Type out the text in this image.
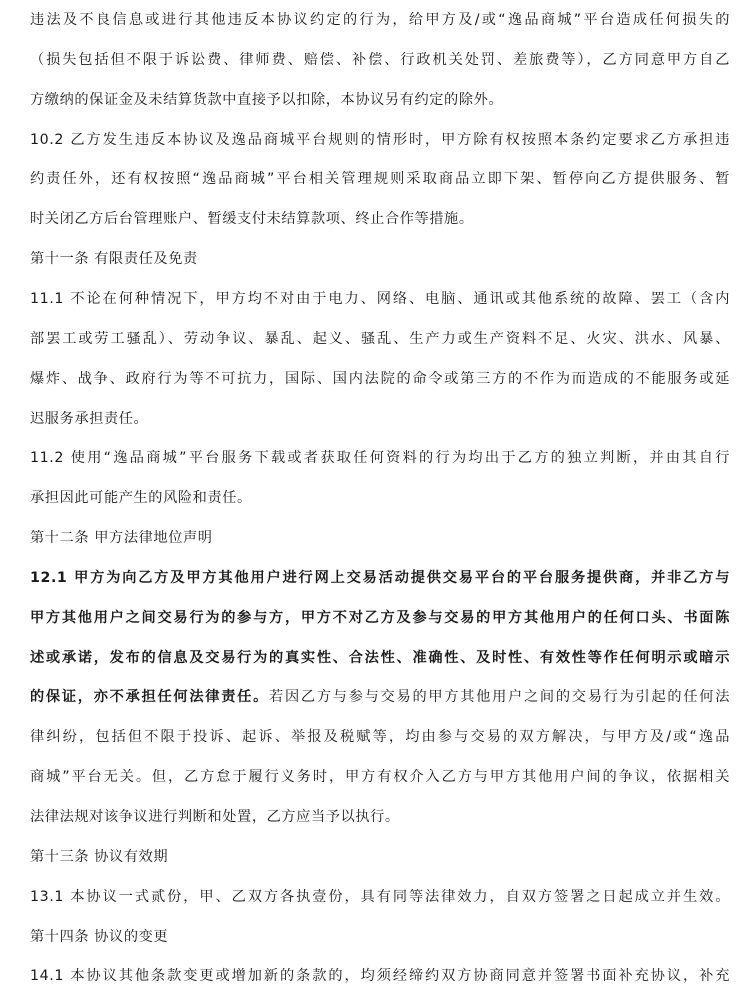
违法及不良信息或进行其他违反本协议约定的行为，给甲方及/或“逸品商城”平台造成任何损失的
（损失包括但不限于诉讼费、律师费、赔偿、补偿、行政机关处罚、差旅费等），乙方同意甲方自乙
方缴纳的保证金及未结算货款中直接予以扣除，本协议另有约定的除外。
10.2 乙方发生违反本协议及逸品商城平台规则的情形时，甲方除有权按照本条约定要求乙方承担违
约责任外，还有权按照“逸品商城”平台相关管理规则采取商品立即下架、暂停向乙方提供服务、暂
时关闭乙方后台管理账户、暂缓支付未结算款项、终止合作等措施。
第十一条 有限责任及免责
11.1 不论在何种情况下，甲方均不对由于电力、网络、电脑、通讯或其他系统的故障、罢工（含内
部罢工或劳工骚乱）、劳动争议、暴乱、起义、骚乱、生产力或生产资料不足、火灾、洪水、风暴、
爆炸、战争、政府行为等不可抗力，国际、国内法院的命令或第三方的不作为而造成的不能服务或延
迟服务承担责任。
11.2 使用“逸品商城”平台服务下载或者获取任何资料的行为均出于乙方的独立判断，并由其自行
承担因此可能产生的风险和责任。
第十二条 甲方法律地位声明
12.1 甲方为向乙方及甲方其他用户进行网上交易活动提供交易平台的平台服务提供商，并非乙方与
甲方其他用户之间交易行为的参与方，甲方不对乙方及参与交易的甲方其他用户的任何口头、书面陈
述或承诺，发布的信息及交易行为的真实性、合法性、准确性、及时性、有效性等作任何明示或暗示
的保证，亦不承担任何法律责任。若因乙方与参与交易的甲方其他用户之间的交易行为引起的任何法
律纠纷，包括但不限于投诉、起诉、举报及税赋等，均由参与交易的双方解决，与甲方及/或“逸品
商城”平台无关。但，乙方怠于履行义务时，甲方有权介入乙方与甲方其他用户间的争议，依据相关
法律法规对该争议进行判断和处置，乙方应当予以执行。
第十三条 协议有效期
13.1 本协议一式贰份，甲、乙双方各执壹份，具有同等法律效力，自双方签署之日起成立并生效。
第十四条 协议的变更
14.1 本协议其他条款变更或增加新的条款的，均须经缔约双方协商同意并签署书面补充协议，补充
